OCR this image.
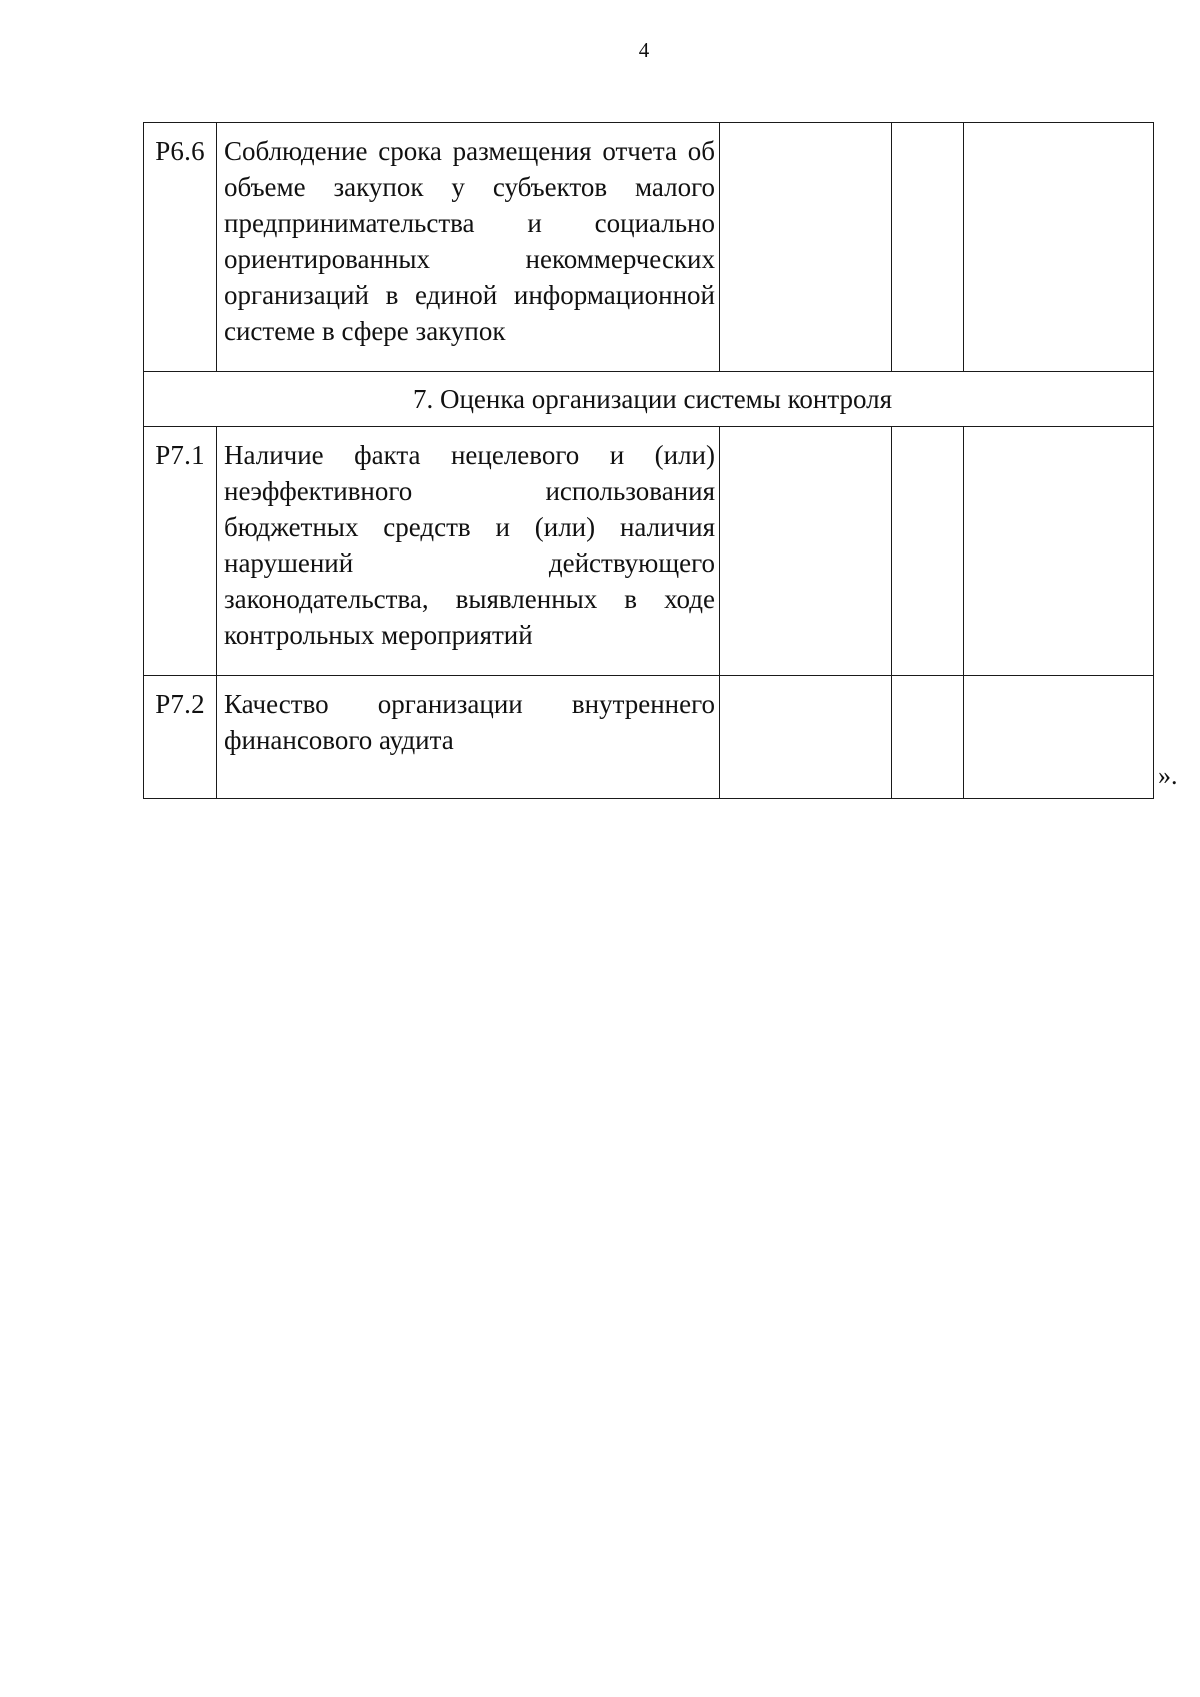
4
Р6.6	Соблюдение срока размещения отчета об объеме закупок у субъектов малого предпринимательства и социально ориентированных некоммерческих организаций в единой информационной системе в сфере закупок			
7. Оценка организации системы контроля				
Р7.1	Наличие факта нецелевого и (или) неэффективного использования бюджетных средств и (или) наличия нарушений действующего законодательства, выявленных в ходе контрольных мероприятий			
Р7.2	Качество организации внутреннего финансового аудита			
».
